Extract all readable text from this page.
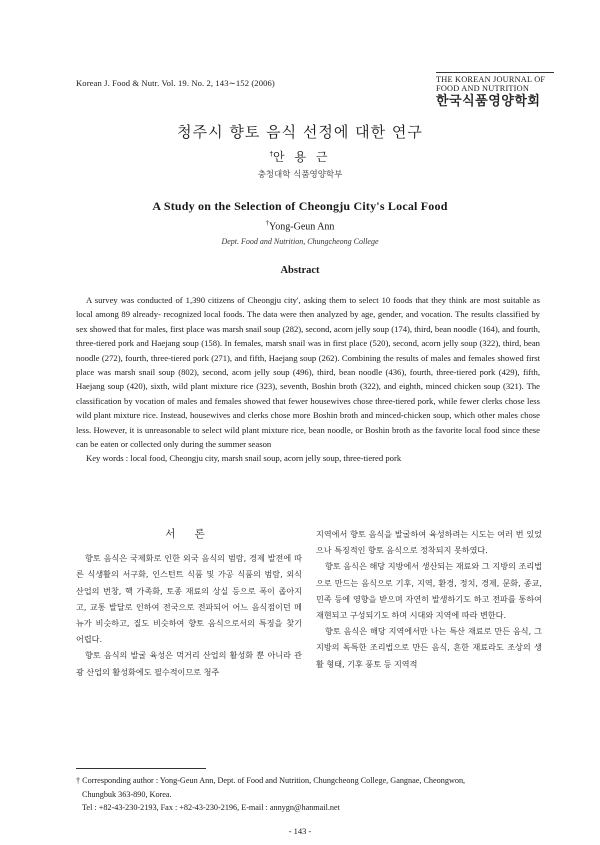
Korean J. Food & Nutr. Vol. 19. No. 2, 143∼152 (2006)	THE KOREAN JOURNAL OF
FOOD AND NUTRITION
한국식품영양학회
청주시 향토 음식 선정에 대한 연구
†안 용 근
충청대학 식품영양학부
A Study on the Selection of Cheongju City's Local Food
†Yong-Geun Ann
Dept. Food and Nutrition, Chungcheong College
Abstract

A survey was conducted of 1,390 citizens of Cheongju city', asking them to select 10 foods that they think are most suitable as local among 89 already- recognized local foods. The data were then analyzed by age, gender, and vocation. The results classified by sex showed that for males, first place was marsh snail soup (282), second, acorn jelly soup (174), third, bean noodle (164), and fourth, three-tiered pork and Haejang soup (158). In females, marsh snail was in first place (520), second, acorn jelly soup (322), third, bean noodle (272), fourth, three-tiered pork (271), and fifth, Haejang soup (262). Combining the results of males and females showed first place was marsh snail soup (802), second, acorn jelly soup (496), third, bean noodle (436), fourth, three-tiered pork (429), fifth, Haejang soup (420), sixth, wild plant mixture rice (323), seventh, Boshin broth (322), and eighth, minced chicken soup (321). The classification by vocation of males and females showed that fewer housewives chose three-tiered pork, while fewer clerks chose less wild plant mixture rice. Instead, housewives and clerks chose more Boshin broth and minced-chicken soup, which other males chose less. However, it is unreasonable to select wild plant mixture rice, bean noodle, or Boshin broth as the favorite local food since these can be eaten or collected only during the summer season

Key words : local food, Cheongju city, marsh snail soup, acorn jelly soup, three-tiered pork

서 론

향토 음식은 국제화로 인한 외국 음식의 범람, 경제 발전에 따른 식생활의 서구화, 인스턴트 식품 및 가공 식품의 범람, 외식 산업의 번창, 핵 가족화, 토종 재료의 상실 등으로 폭이 좁아지고, 교통 발달로 인하여 전국으로 전파되어 어느 음식점이던 메뉴가 비슷하고, 질도 비슷하여 향토 음식으로서의 특징을 찾기 어렵다.

향토 음식의 발굴 육성은 먹거리 산업의 활성화 뿐 아니라 관광 산업의 활성화에도 필수적이므로 청주

지역에서 향토 음식을 발굴하여 육성하려는 시도는 여러 번 있었으나 특징적인 향토 음식으로 정착되지 못하였다.

향토 음식은 해당 지방에서 생산되는 재료와 그 지방의 조리법으로 만드는 음식으로 기후, 지역, 환경, 정치, 경제, 문화, 종교, 민족 등에 영향을 받으며 자연히 발생하기도 하고 전파를 통하여 재현되고 구성되기도 하며 시대와 지역에 따라 변한다.

향토 음식은 해당 지역에서만 나는 특산 재료로 만든 음식, 그 지방의 독특한 조리법으로 만든 음식, 흔한 재료라도 조상의 생활 형태, 기후 풍토 등 지역적

† Corresponding author : Yong-Geun Ann, Dept. of Food and Nutrition, Chungcheong College, Gangnae, Cheongwon,

Chungbuk 363-890, Korea.

Tel : +82-43-230-2193, Fax : +82-43-230-2196, E-mail : annygn@hanmail.net

- 143 -
